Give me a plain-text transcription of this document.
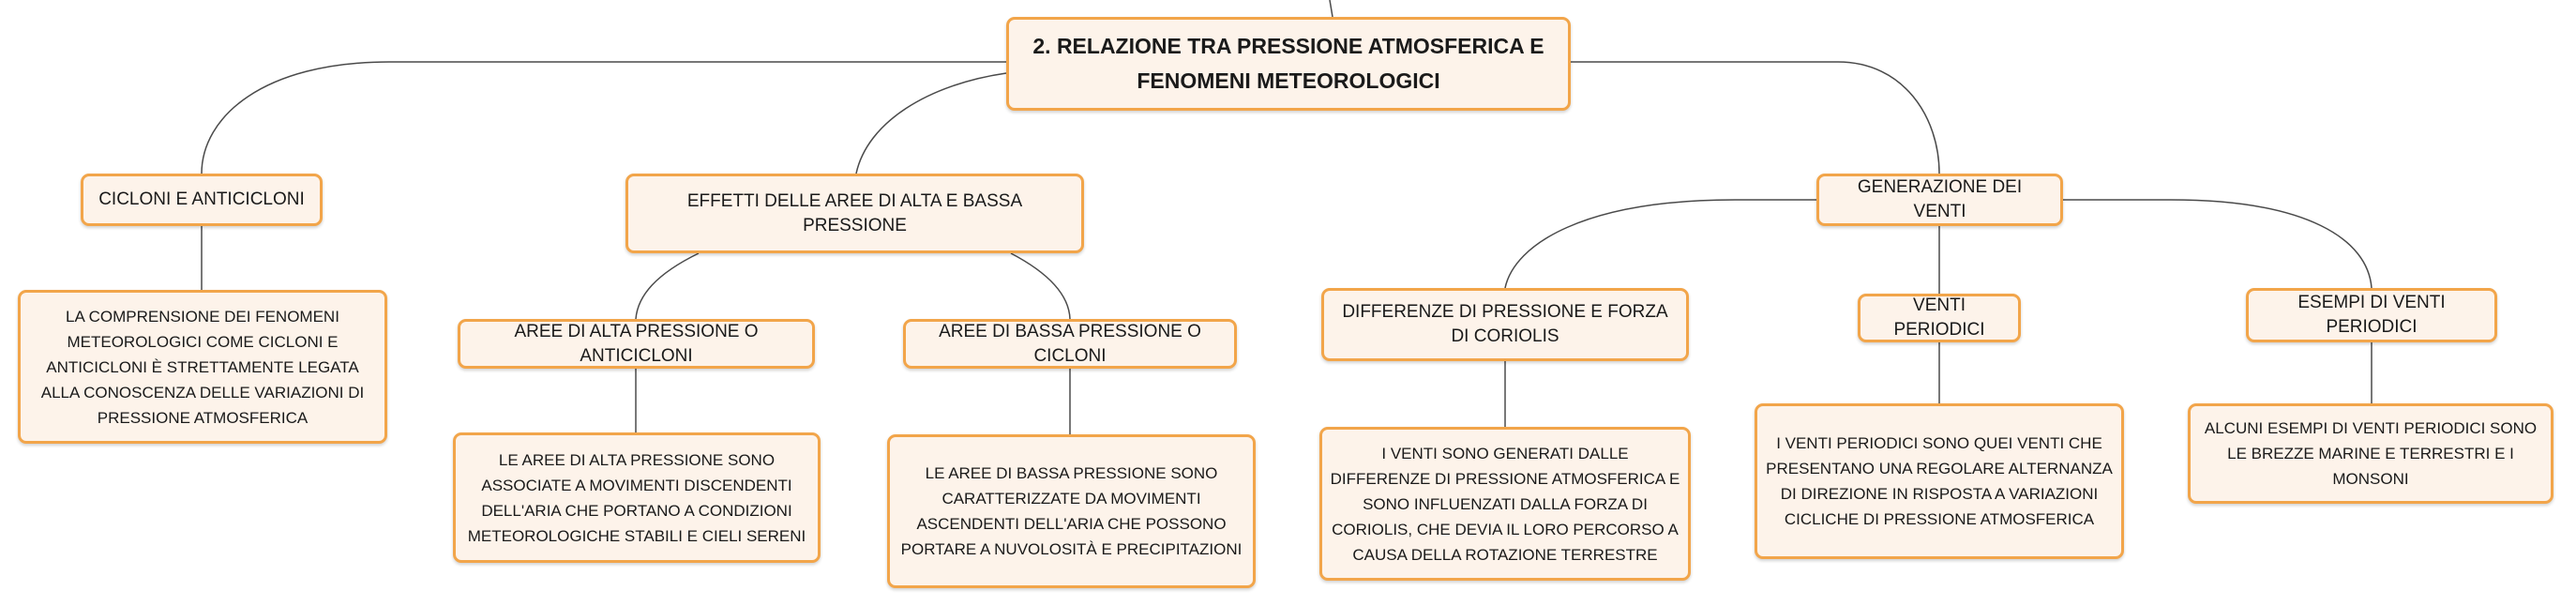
2. RELAZIONE TRA PRESSIONE ATMOSFERICA E FENOMENI METEOROLOGICI
CICLONI E ANTICICLONI
LA COMPRENSIONE DEI FENOMENI METEOROLOGICI COME CICLONI E ANTICICLONI È STRETTAMENTE LEGATA ALLA CONOSCENZA DELLE VARIAZIONI DI PRESSIONE ATMOSFERICA
EFFETTI DELLE AREE DI ALTA E BASSA PRESSIONE
AREE DI ALTA PRESSIONE O ANTICICLONI
LE AREE DI ALTA PRESSIONE SONO ASSOCIATE A MOVIMENTI DISCENDENTI DELL'ARIA CHE PORTANO A CONDIZIONI METEOROLOGICHE STABILI E CIELI SERENI
AREE DI BASSA PRESSIONE O CICLONI
LE AREE DI BASSA PRESSIONE SONO CARATTERIZZATE DA MOVIMENTI ASCENDENTI DELL'ARIA CHE POSSONO PORTARE A NUVOLOSITÀ E PRECIPITAZIONI
GENERAZIONE DEI VENTI
DIFFERENZE DI PRESSIONE E FORZA DI CORIOLIS
I VENTI SONO GENERATI DALLE DIFFERENZE DI PRESSIONE ATMOSFERICA E SONO INFLUENZATI DALLA FORZA DI CORIOLIS, CHE DEVIA IL LORO PERCORSO A CAUSA DELLA ROTAZIONE TERRESTRE
VENTI PERIODICI
I VENTI PERIODICI SONO QUEI VENTI CHE PRESENTANO UNA REGOLARE ALTERNANZA DI DIREZIONE IN RISPOSTA A VARIAZIONI CICLICHE DI PRESSIONE ATMOSFERICA
ESEMPI DI VENTI PERIODICI
ALCUNI ESEMPI DI VENTI PERIODICI SONO LE BREZZE MARINE E TERRESTRI E I MONSONI
